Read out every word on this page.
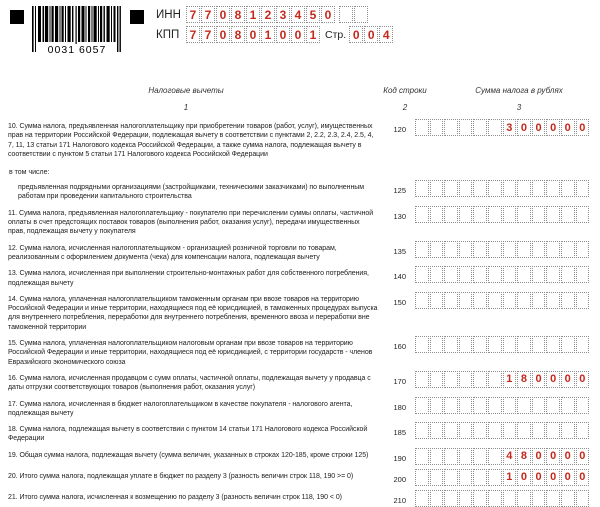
0031 6057
ИНН 7 7 0 8 1 2 3 4 5 0
КПП 7 7 0 8 0 1 0 0 1 Стр. 0 0 4
Налоговые вычеты
1
Код строки
2
Сумма налога в рублях
3
10. Сумма налога, предъявленная налогоплательщику при приобретении товаров (работ, услуг), имущественных прав на территории Российской Федерации, подлежащая вычету в соответствии с пунктами 2, 2.2, 2.3, 2.4, 2.5, 4, 7, 11, 13 статьи 171 Налогового кодекса Российской Федерации, а также сумма налога, подлежащая вычету в соответствии с пунктом 5 статьи 171 Налогового кодекса Российской Федерации
120	3 0 0 0 0 0
в том числе:
предъявленная подрядными организациями (застройщиками, техническими заказчиками) по выполненным работам при проведении капитального строительства
125
11. Сумма налога, предъявленная налогоплательщику - покупателю при перечислении суммы оплаты, частичной оплаты в счет предстоящих поставок товаров (выполнения работ, оказания услуг), передачи имущественных прав, подлежащая вычету у покупателя
130
12. Сумма налога, исчисленная налогоплательщиком - организацией розничной торговли по товарам, реализованным с оформлением документа (чека) для компенсации налога, подлежащая вычету
135
13. Сумма налога, исчисленная при выполнении строительно-монтажных работ для собственного потребления, подлежащая вычету
140
14. Сумма налога, уплаченная налогоплательщиком таможенным органам при ввозе товаров на территорию Российской Федерации и иные территории, находящиеся под её юрисдикцией, в таможенных процедурах выпуска для внутреннего потребления, переработки для внутреннего потребления, временного ввоза и переработки вне таможенной территории
150
15. Сумма налога, уплаченная налогоплательщиком налоговым органам при ввозе товаров на территорию Российской Федерации и иные территории, находящиеся под её юрисдикцией, с территории государств - членов Евразийского экономического союза
160
16. Сумма налога, исчисленная продавцом с сумм оплаты, частичной оплаты, подлежащая вычету у продавца с даты отгрузки соответствующих товаров (выполнения работ, оказания услуг)
170	1 8 0 0 0 0
17. Сумма налога, исчисленная в бюджет налогоплательщиком в качестве покупателя - налогового агента, подлежащая вычету
180
18. Сумма налога, подлежащая вычету в соответствии с пунктом 14 статьи 171 Налогового кодекса Российской Федерации
185
19. Общая сумма налога, подлежащая вычету (сумма величин, указанных в строках 120-185, кроме строки 125)	190	4 8 0 0 0 0
20. Итого сумма налога, подлежащая уплате в бюджет по разделу 3 (разность величин строк 118, 190 >= 0)	200	1 0 0 0 0 0
21. Итого сумма налога, исчисленная к возмещению по разделу 3 (разность величин строк 118, 190 < 0)	210
